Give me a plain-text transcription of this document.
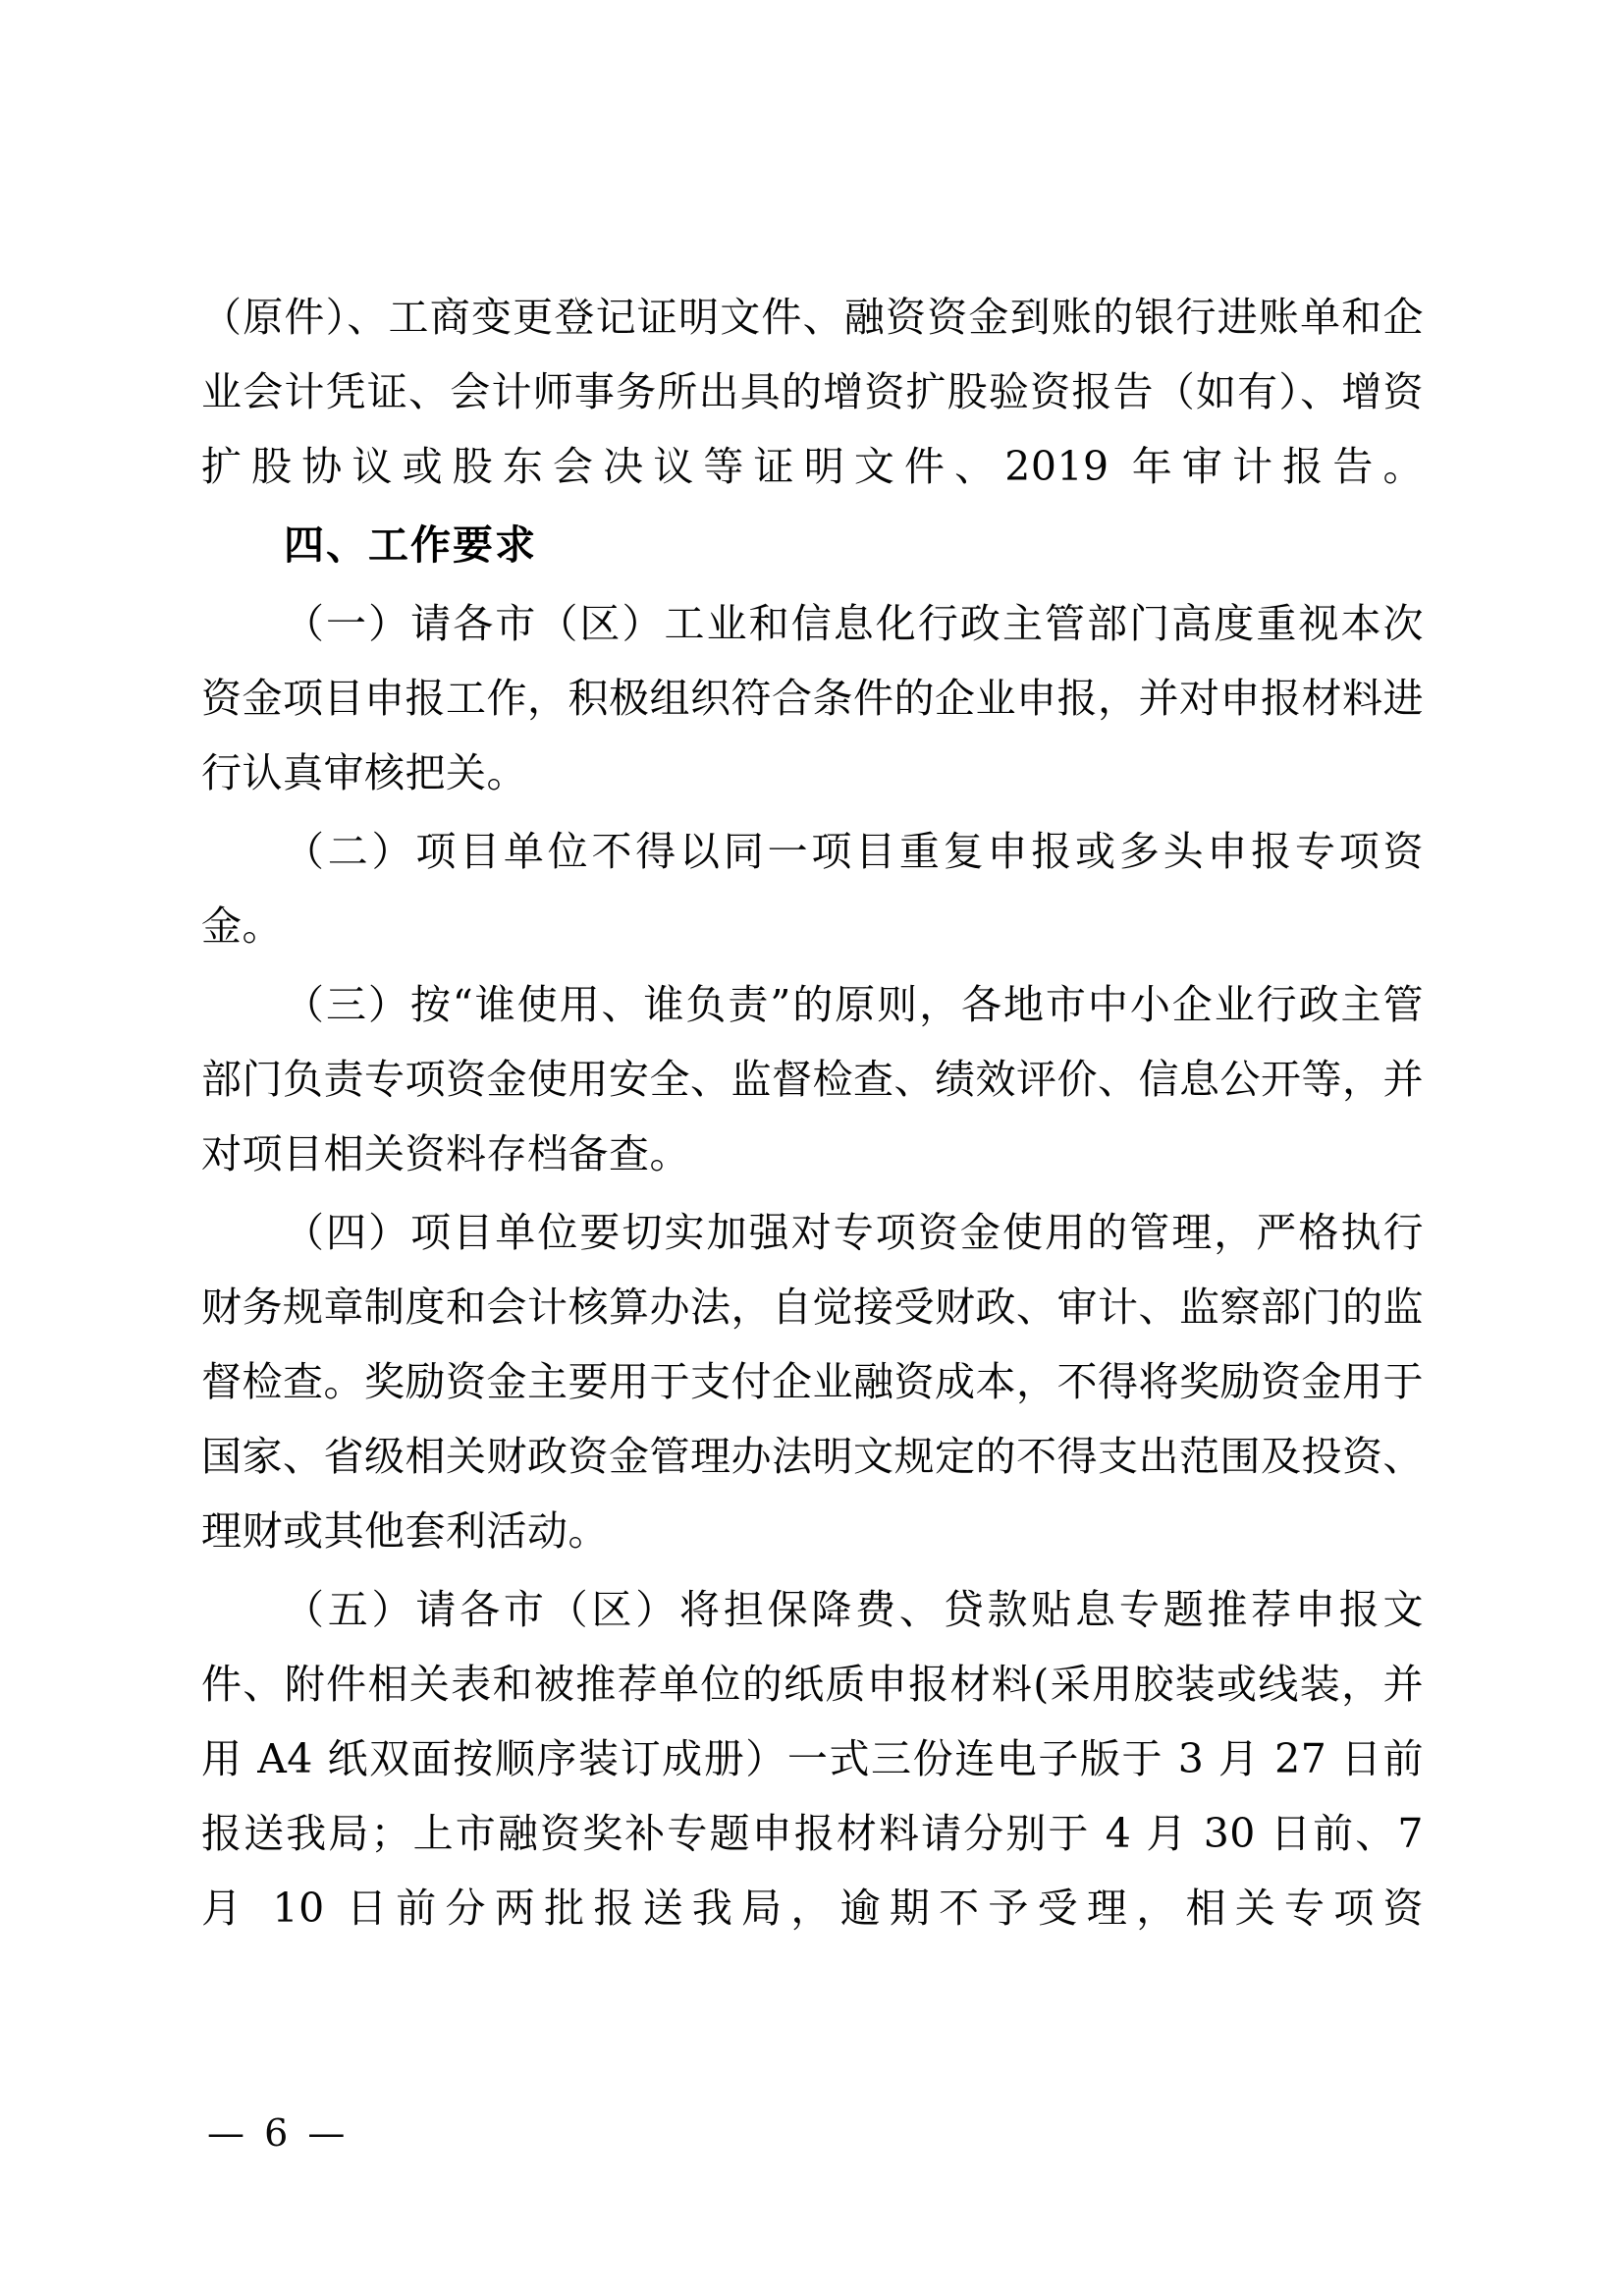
（原件）、工商变更登记证明文件、融资资金到账的银行进账单和企业会计凭证、会计师事务所出具的增资扩股验资报告（如有）、增资扩股协议或股东会决议等证明文件、2019 年审计报告。

四、工作要求

（一）请各市（区）工业和信息化行政主管部门高度重视本次资金项目申报工作，积极组织符合条件的企业申报，并对申报材料进行认真审核把关。

（二）项目单位不得以同一项目重复申报或多头申报专项资金。

（三）按“谁使用、谁负责”的原则，各地市中小企业行政主管部门负责专项资金使用安全、监督检查、绩效评价、信息公开等，并对项目相关资料存档备查。

（四）项目单位要切实加强对专项资金使用的管理，严格执行财务规章制度和会计核算办法，自觉接受财政、审计、监察部门的监督检查。奖励资金主要用于支付企业融资成本，不得将奖励资金用于国家、省级相关财政资金管理办法明文规定的不得支出范围及投资、理财或其他套利活动。

（五）请各市（区）将担保降费、贷款贴息专题推荐申报文件、附件相关表和被推荐单位的纸质申报材料(采用胶装或线装，并用 A4 纸双面按顺序装订成册）一式三份连电子版于 3 月 27 日前报送我局；上市融资奖补专题申报材料请分别于 4 月 30 日前、7 月 10 日前分两批报送我局，逾期不予受理，相关专项资

— 6 —
